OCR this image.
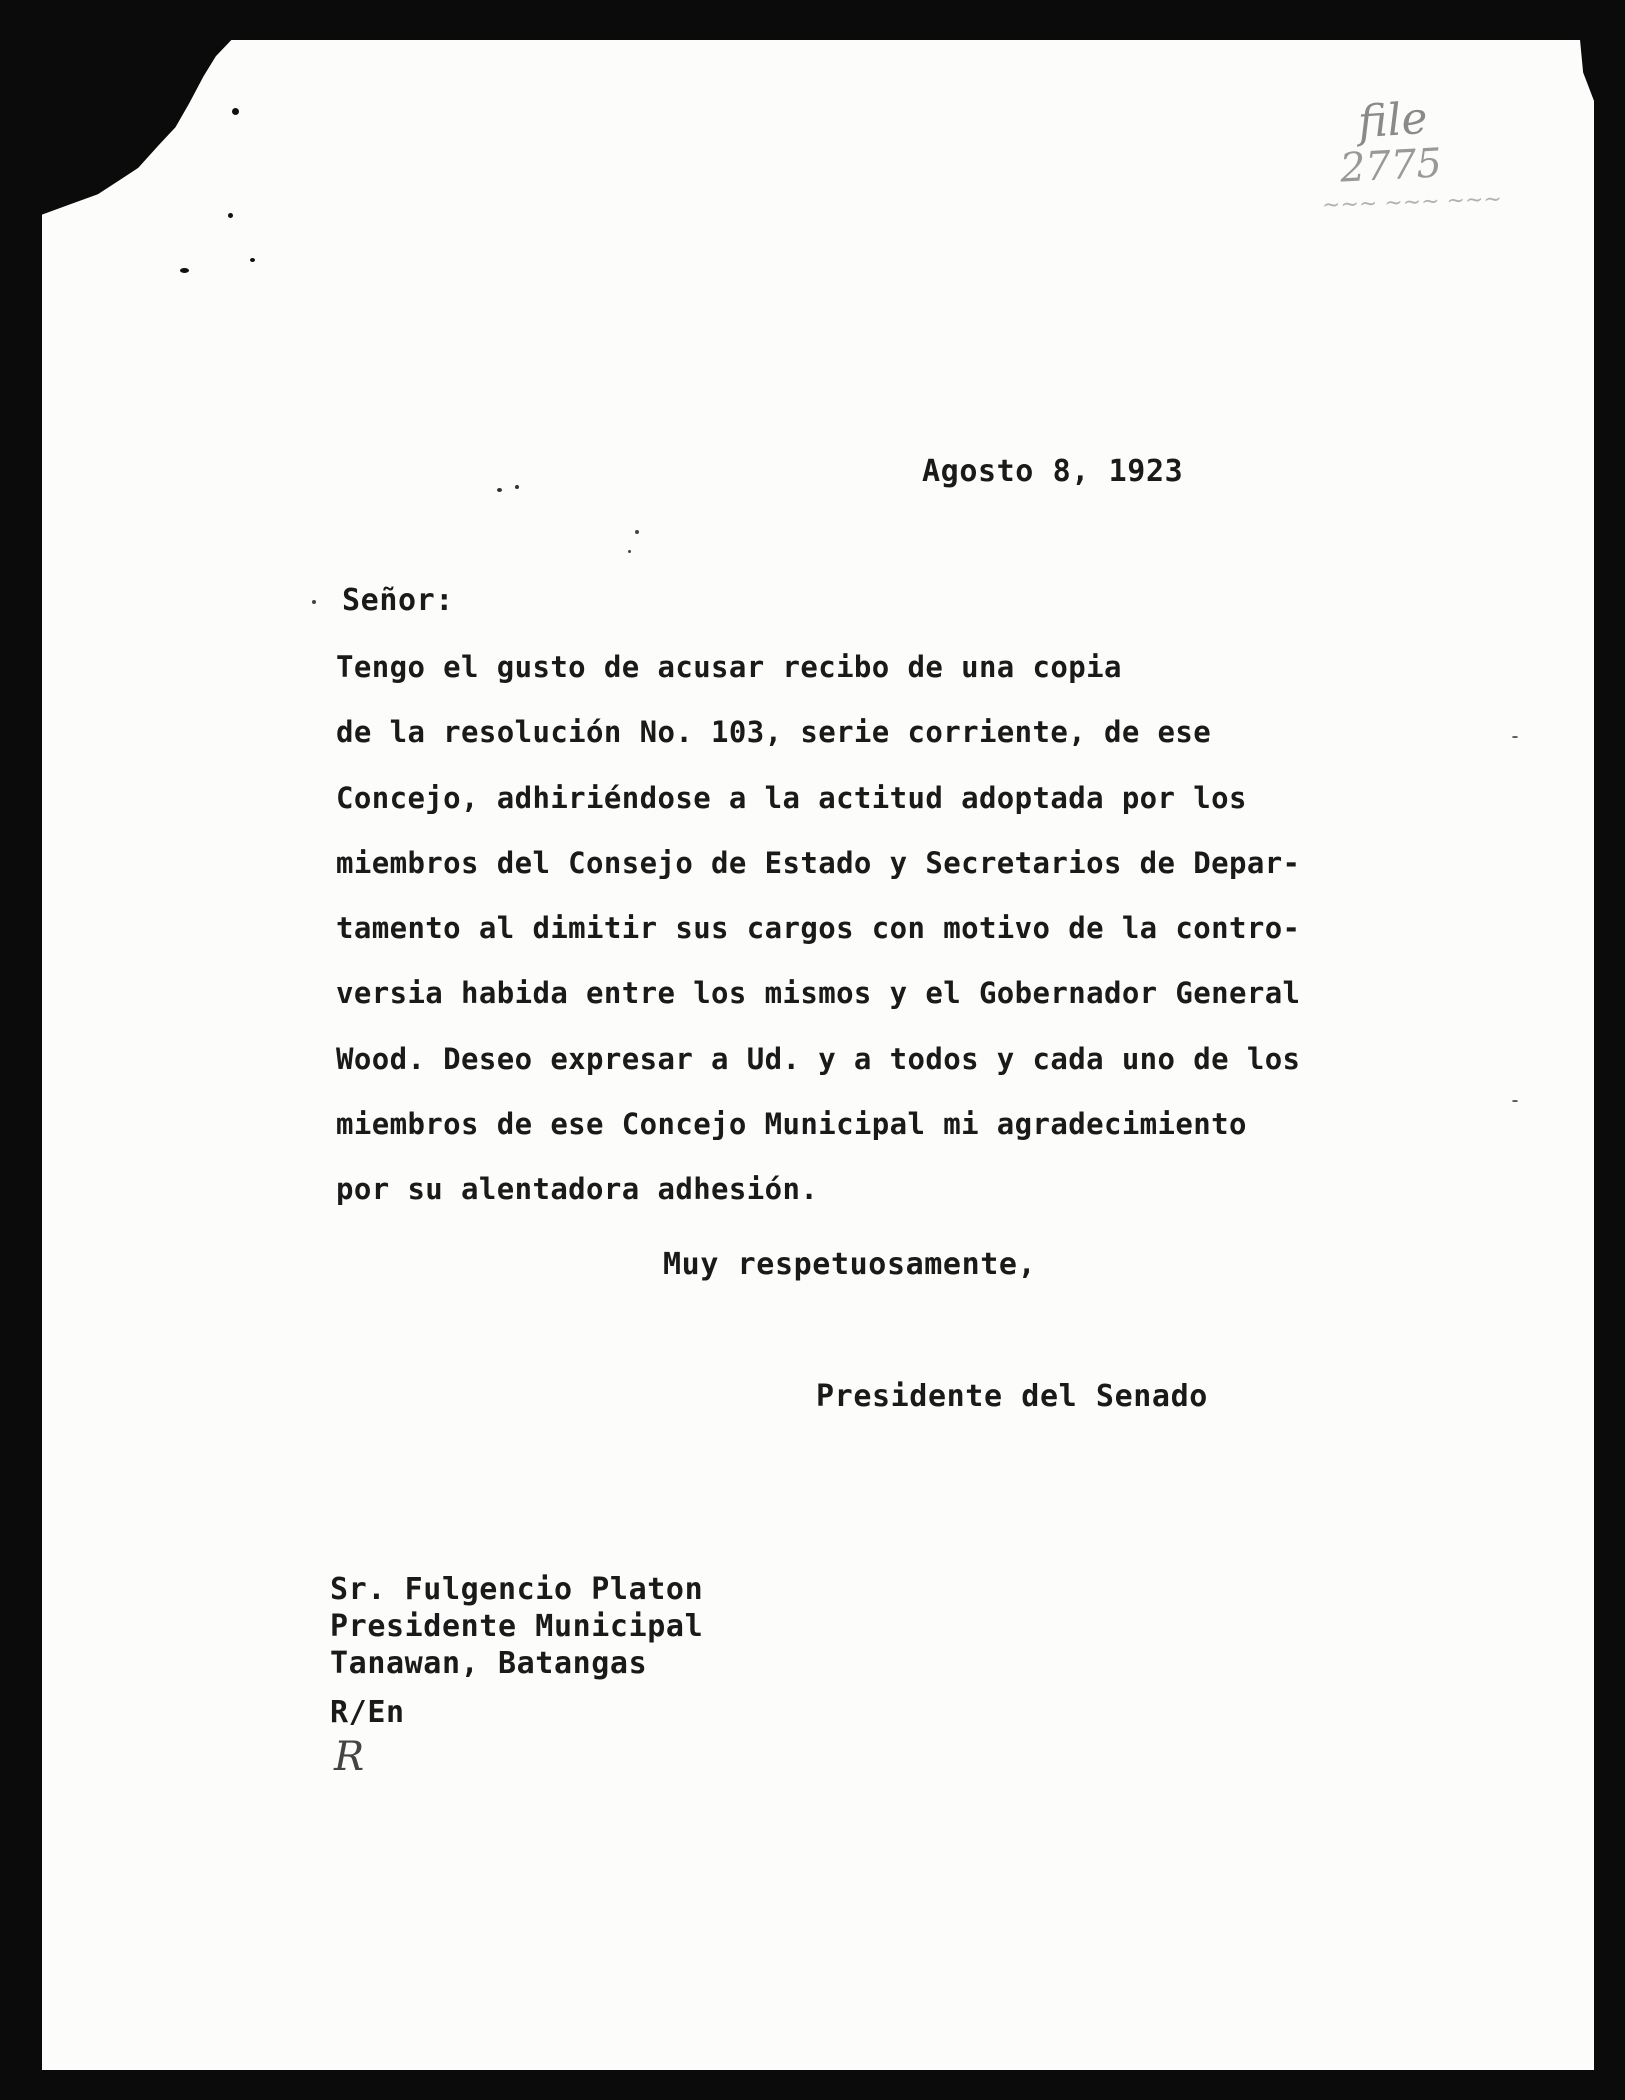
file
2775
~~~ ~~~ ~~~
Agosto 8, 1923
Señor:
Tengo el gusto de acusar recibo de una copia
de la resolución No. 103, serie corriente, de ese
Concejo, adhiriéndose a la actitud adoptada por los
miembros del Consejo de Estado y Secretarios de Depar-
tamento al dimitir sus cargos con motivo de la contro-
versia habida entre los mismos y el Gobernador General
Wood. Deseo expresar a Ud. y a todos y cada uno de los
miembros de ese Concejo Municipal mi agradecimiento
por su alentadora adhesión.
Muy respetuosamente,
Presidente del Senado
Sr. Fulgencio Platon
Presidente Municipal
Tanawan, Batangas
R/En
R
